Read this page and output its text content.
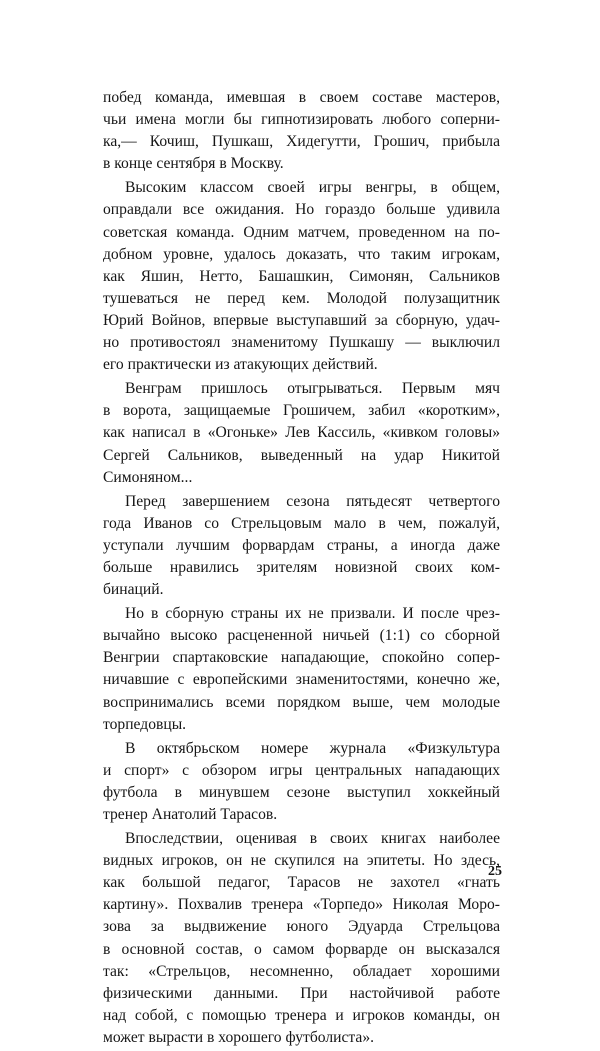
побед команда, имевшая в своем составе мастеров,
чьи имена могли бы гипнотизировать любого соперни-
ка,— Кочиш, Пушкаш, Хидегутти, Грошич, прибыла
в конце сентября в Москву.
Высоким классом своей игры венгры, в общем,
оправдали все ожидания. Но гораздо больше удивила
советская команда. Одним матчем, проведенном на по-
добном уровне, удалось доказать, что таким игрокам,
как Яшин, Нетто, Башашкин, Симонян, Сальников
тушеваться не перед кем. Молодой полузащитник
Юрий Войнов, впервые выступавший за сборную, удач-
но противостоял знаменитому Пушкашу — выключил
его практически из атакующих действий.
Венграм пришлось отыгрываться. Первым мяч
в ворота, защищаемые Грошичем, забил «коротким»,
как написал в «Огоньке» Лев Кассиль, «кивком головы»
Сергей Сальников, выведенный на удар Никитой
Симоняном...
Перед завершением сезона пятьдесят четвертого
года Иванов со Стрельцовым мало в чем, пожалуй,
уступали лучшим форвардам страны, а иногда даже
больше нравились зрителям новизной своих ком-
бинаций.
Но в сборную страны их не призвали. И после чрез-
вычайно высоко расцененной ничьей (1:1) со сборной
Венгрии спартаковские нападающие, спокойно сопер-
ничавшие с европейскими знаменитостями, конечно же,
воспринимались всеми порядком выше, чем молодые
торпедовцы.
В октябрьском номере журнала «Физкультура
и спорт» с обзором игры центральных нападающих
футбола в минувшем сезоне выступил хоккейный
тренер Анатолий Тарасов.
Впоследствии, оценивая в своих книгах наиболее
видных игроков, он не скупился на эпитеты. Но здесь,
как большой педагог, Тарасов не захотел «гнать
картину». Похвалив тренера «Торпедо» Николая Моро-
зова за выдвижение юного Эдуарда Стрельцова
в основной состав, о самом форварде он высказался
так: «Стрельцов, несомненно, обладает хорошими
физическими данными. При настойчивой работе
над собой, с помощью тренера и игроков команды, он
может вырасти в хорошего футболиста».
25
